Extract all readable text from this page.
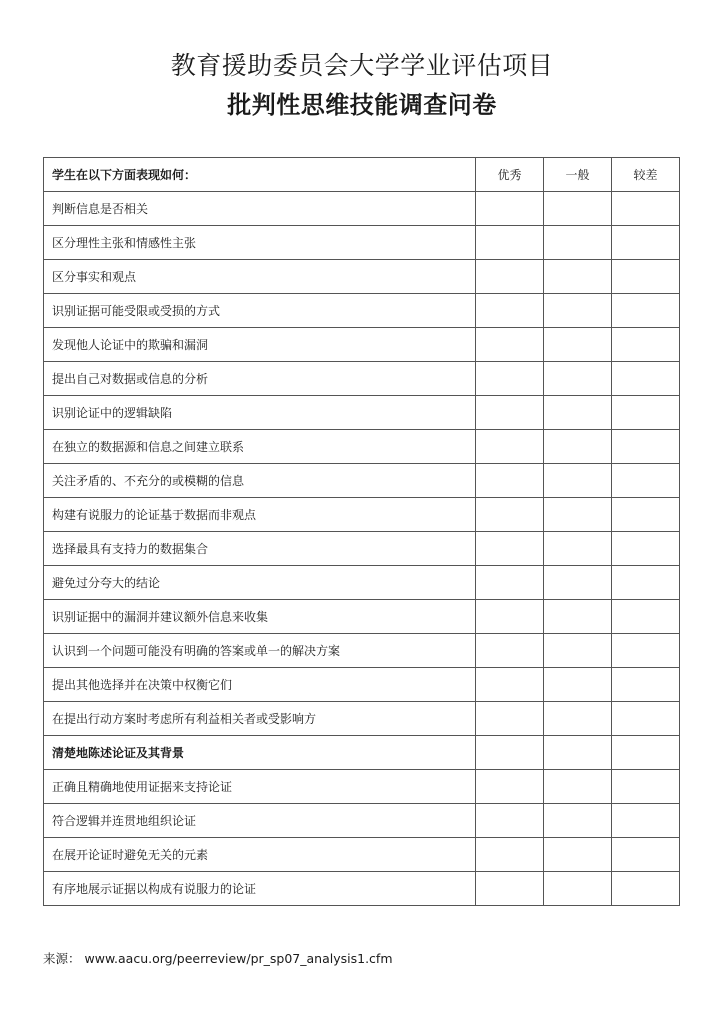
教育援助委员会大学学业评估项目
批判性思维技能调查问卷
学生在以下方面表现如何：	优秀	一般	较差
判断信息是否相关			
区分理性主张和情感性主张			
区分事实和观点			
识别证据可能受限或受损的方式			
发现他人论证中的欺骗和漏洞			
提出自己对数据或信息的分析			
识别论证中的逻辑缺陷			
在独立的数据源和信息之间建立联系			
关注矛盾的、不充分的或模糊的信息			
构建有说服力的论证基于数据而非观点			
选择最具有支持力的数据集合			
避免过分夸大的结论			
识别证据中的漏洞并建议额外信息来收集			
认识到一个问题可能没有明确的答案或单一的解决方案			
提出其他选择并在决策中权衡它们			
在提出行动方案时考虑所有利益相关者或受影响方			
清楚地陈述论证及其背景			
正确且精确地使用证据来支持论证			
符合逻辑并连贯地组织论证			
在展开论证时避免无关的元素			
有序地展示证据以构成有说服力的论证			
来源： www.aacu.org/peerreview/pr_sp07_analysis1.cfm
